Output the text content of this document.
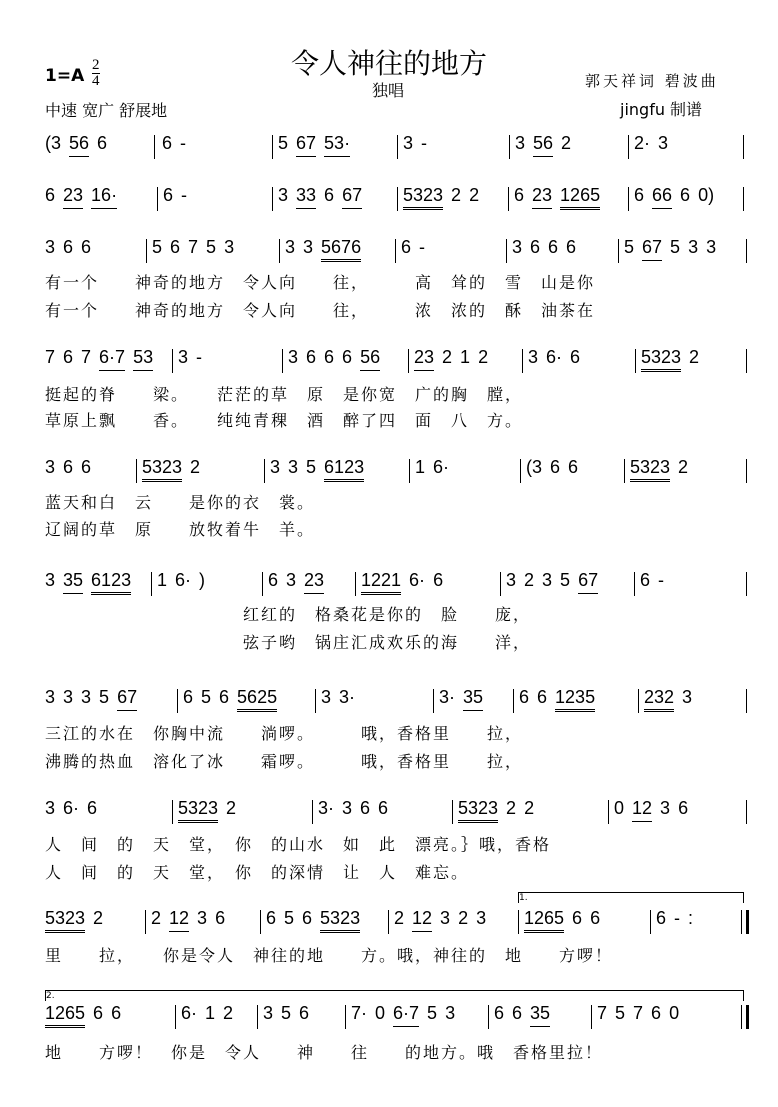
令人神往的地方
独唱
$1=A \frac{2}{4}$
中速 宽广 舒展地
郭天祥词 碧波曲
jingfu 制谱
(3 56 6	6 -	5 67 53·	3 -	3 56 2	2· 3
6 23 16·	6 -	3 33 6 67	5323 2 2	6 23 1265	6 66 6 0)
3 6 6	5 6 7 5 3	3 3 5676	6 -	3 6 6 6	5 67 5 3 3
有一个　　神奇的地方　令人向　　往，　　　高　耸的　雪　山是你
有一个　　神奇的地方　令人向　　往，　　　浓　浓的　酥　油茶在
7 6 7 6·7 53	3 -	3 6 6 6 56	23 2 1 2	3 6· 6	5323 2
挺起的脊　　梁。　　茫茫的草　原　是你宽　广的胸　膛，
草原上飘　　香。　　纯纯青稞　酒　醉了四　面　八　方。
3 6 6	5323 2	3 3 5 6123	1 6·	(3 6 6	5323 2
蓝天和白　云　　是你的衣　裳。
辽阔的草　原　　放牧着牛　羊。
3 35 6123	1 6· )	6 3 23	1221 6· 6	3 2 3 5 67	6 -
　　　　　　　　　　　红红的　格桑花是你的　脸　　庞，
　　　　　　　　　　　弦子哟　锅庄汇成欢乐的海　　洋，
3 3 3 5 67	6 5 6 5625	3 3·	3· 35	6 6 1235	232 3
三江的水在　你胸中流　　淌啰。　　　哦，香格里　　拉，
沸腾的热血　溶化了冰　　霜啰。　　　哦，香格里　　拉，
3 6· 6	5323 2	3· 3 6 6	5323 2 2	0 12 3 6
人　间　的　天　堂，　你　的山水　如　此　漂亮。｝哦，香格
人　间　的　天　堂，　你　的深情　让　人　难忘。
5323 2	2 12 3 6	6 5 6 5323	2 12 3 2 3	1265 6 6	6 - :
1.
里　　拉，　　你是令人　神往的地　　方。哦，神往的　地　　方啰！
1265 6 6	6· 1 2	3 5 6	7· 0 6·7 5 3	6 6 35	7 5 7 6 0
2.
地　　方啰！　你是　令人　　神　　往　　的地方。哦　香格里拉！
